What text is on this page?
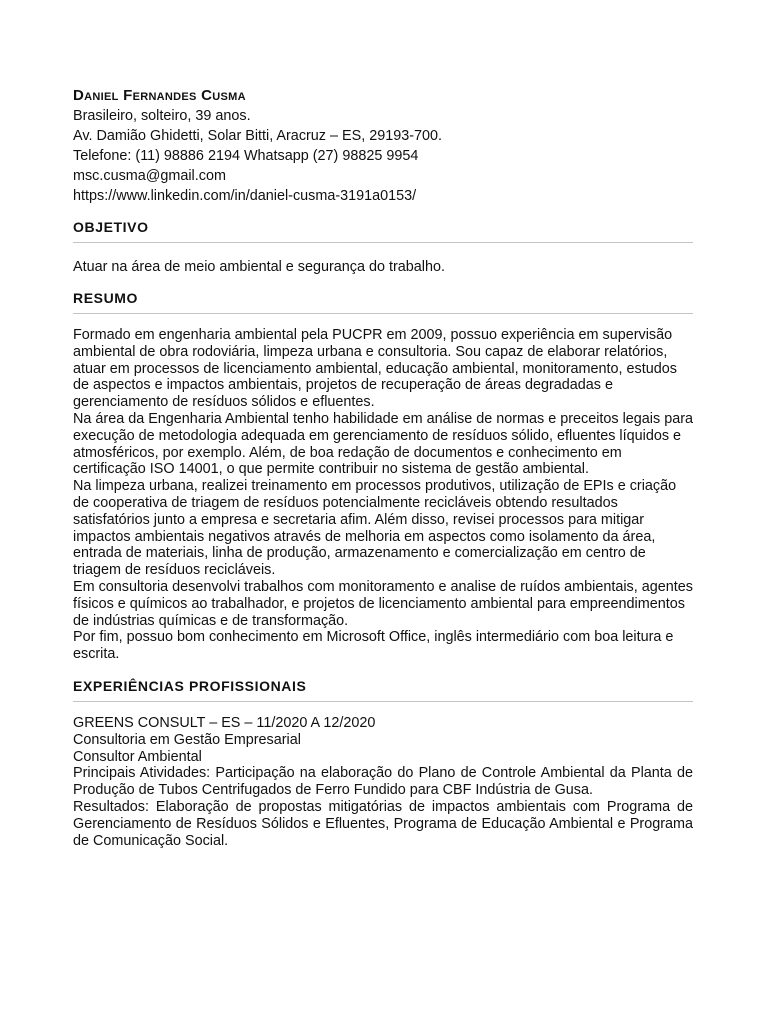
Daniel Fernandes Cusma

Brasileiro, solteiro, 39 anos.

Av. Damião Ghidetti, Solar Bitti, Aracruz – ES, 29193-700.

Telefone: (11) 98886 2194 Whatsapp (27) 98825 9954

msc.cusma@gmail.com

https://www.linkedin.com/in/daniel-cusma-3191a0153/

OBJETIVO

Atuar na área de meio ambiental e segurança do trabalho.

RESUMO

Formado em engenharia ambiental pela PUCPR em 2009, possuo experiência em supervisão ambiental de obra rodoviária, limpeza urbana e consultoria. Sou capaz de elaborar relatórios, atuar em processos de licenciamento ambiental, educação ambiental, monitoramento, estudos de aspectos e impactos ambientais, projetos de recuperação de áreas degradadas e gerenciamento de resíduos sólidos e efluentes.

Na área da Engenharia Ambiental tenho habilidade em análise de normas e preceitos legais para execução de metodologia adequada em gerenciamento de resíduos sólido, efluentes líquidos e atmosféricos, por exemplo. Além, de boa redação de documentos e conhecimento em certificação ISO 14001, o que permite contribuir no sistema de gestão ambiental.

Na limpeza urbana, realizei treinamento em processos produtivos, utilização de EPIs e criação de cooperativa de triagem de resíduos potencialmente recicláveis obtendo resultados satisfatórios junto a empresa e secretaria afim. Além disso, revisei processos para mitigar impactos ambientais negativos através de melhoria em aspectos como isolamento da área, entrada de materiais, linha de produção, armazenamento e comercialização em centro de triagem de resíduos recicláveis.

Em consultoria desenvolvi trabalhos com monitoramento e analise de ruídos ambientais, agentes físicos e químicos ao trabalhador, e projetos de licenciamento ambiental para empreendimentos de indústrias químicas e de transformação.

Por fim, possuo bom conhecimento em Microsoft Office, inglês intermediário com boa leitura e escrita.

EXPERIÊNCIAS PROFISSIONAIS

GREENS CONSULT – ES – 11/2020 A 12/2020

Consultoria em Gestão Empresarial

Consultor Ambiental

Principais Atividades: Participação na elaboração do Plano de Controle Ambiental da Planta de Produção de Tubos Centrifugados de Ferro Fundido para CBF Indústria de Gusa.

Resultados: Elaboração de propostas mitigatórias de impactos ambientais com Programa de Gerenciamento de Resíduos Sólidos e Efluentes, Programa de Educação Ambiental e Programa de Comunicação Social.
